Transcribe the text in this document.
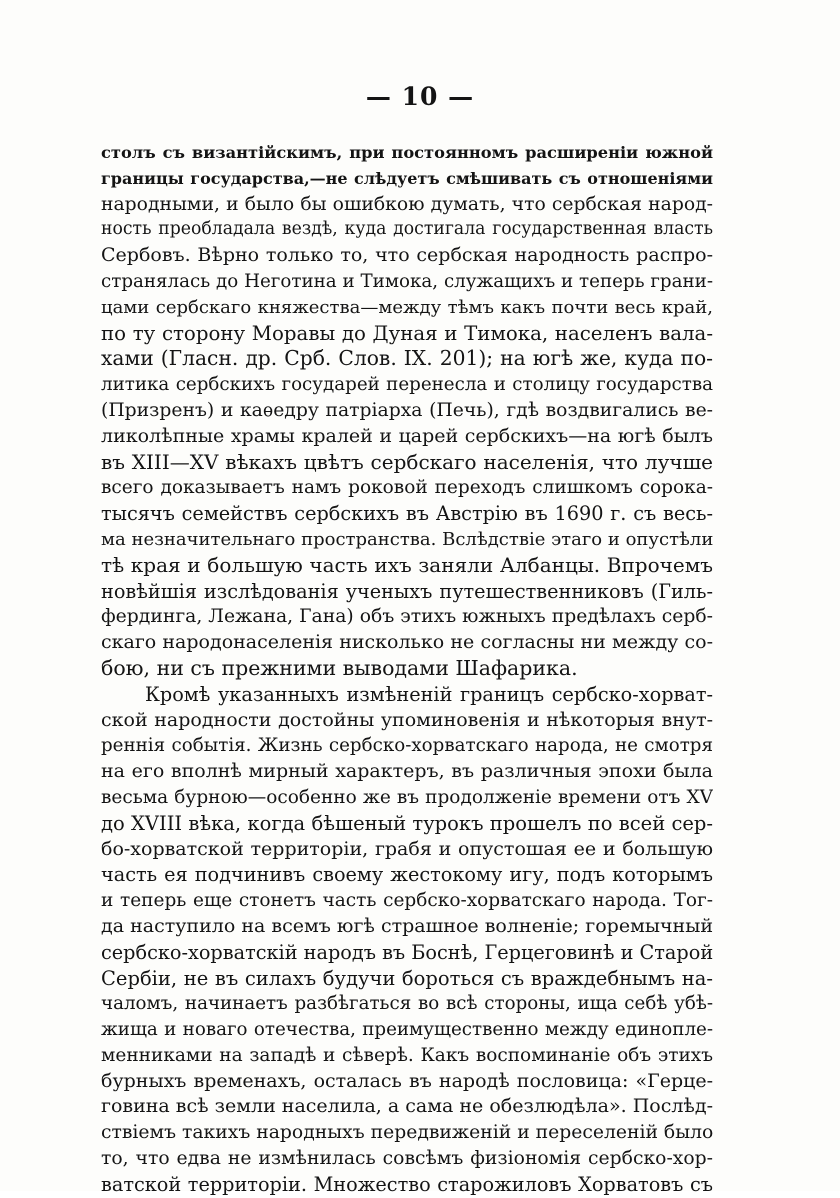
— 10 —
столъ съ византійскимъ, при постоянномъ расширеніи южной
границы государства,—не слѣдуетъ смѣшивать съ отношеніями
народными, и было бы ошибкою думать, что сербская народ-
ность преобладала вездѣ, куда достигала государственная власть
Сербовъ. Вѣрно только то, что сербская народность распро-
странялась до Неготина и Тимока, служащихъ и теперь грани-
цами сербскаго княжества—между тѣмъ какъ почти весь край,
по ту сторону Моравы до Дуная и Тимока, населенъ вала-
хами (Гласн. др. Срб. Слов. IX. 201); на югѣ же, куда по-
литика сербскихъ государей перенесла и столицу государства
(Призренъ) и каѳедру патріарха (Печь), гдѣ воздвигались ве-
ликолѣпные храмы кралей и царей сербскихъ—на югѣ былъ
въ XIII—XV вѣкахъ цвѣтъ сербскаго населенія, что лучше
всего доказываетъ намъ роковой переходъ слишкомъ сорока-
тысячъ семействъ сербскихъ въ Австрію въ 1690 г. съ весь-
ма незначительнаго пространства. Вслѣдствіе этаго и опустѣли
тѣ края и большую часть ихъ заняли Албанцы. Впрочемъ
новѣйшія изслѣдованія ученыхъ путешественниковъ (Гиль-
фердинга, Лежана, Гана) объ этихъ южныхъ предѣлахъ серб-
скаго народонаселенія нисколько не согласны ни между со-
бою, ни съ прежними выводами Шафарика.
Кромѣ указанныхъ измѣненій границъ сербско-хорват-
ской народности достойны упоминовенія и нѣкоторыя внут-
реннія событія. Жизнь сербско-хорватскаго народа, не смотря
на его вполнѣ мирный характеръ, въ различныя эпохи была
весьма бурною—особенно же въ продолженіе времени отъ XV
до XVIII вѣка, когда бѣшеный турокъ прошелъ по всей сер-
бо-хорватской территоріи, грабя и опустошая ее и большую
часть ея подчинивъ своему жестокому игу, подъ которымъ
и теперь еще стонетъ часть сербско-хорватскаго народа. Тог-
да наступило на всемъ югѣ страшное волненіе; горемычный
сербско-хорватскій народъ въ Боснѣ, Герцеговинѣ и Старой
Сербіи, не въ силахъ будучи бороться съ враждебнымъ на-
чаломъ, начинаетъ разбѣгаться во всѣ стороны, ища себѣ убѣ-
жища и новаго отечества, преимущественно между единопле-
менниками на западѣ и сѣверѣ. Какъ воспоминаніе объ этихъ
бурныхъ временахъ, осталась въ народѣ пословица: «Герце-
говина всѣ земли населила, а сама не обезлюдѣла». Послѣд-
ствіемъ такихъ народныхъ передвиженій и переселеній было
то, что едва не измѣнилась совсѣмъ физіономія сербско-хор-
ватской территоріи. Множество старожиловъ Хорватовъ съ
